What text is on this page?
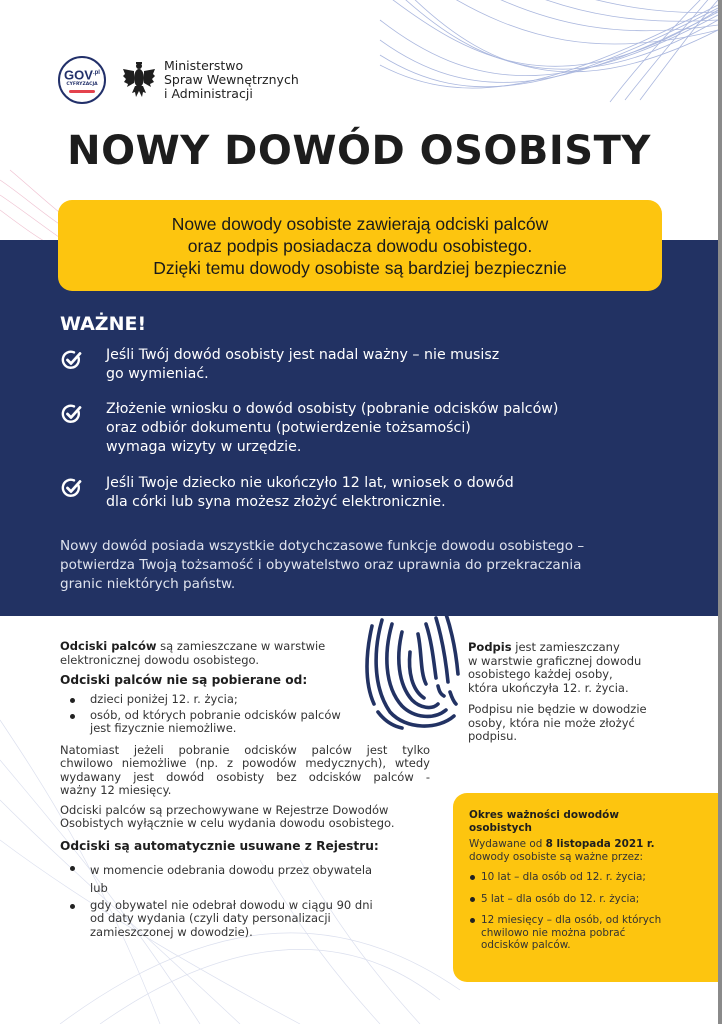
$GOV^{.pl}$
CYFRYZACJA
Ministerstwo
Spraw Wewnętrznych
i Administracji
NOWY DOWÓD OSOBISTY
Nowe dowody osobiste zawierają odciski palców
oraz podpis posiadacza dowodu osobistego.
Dzięki temu dowody osobiste są bardziej bezpiecznie
WAŻNE!
Jeśli Twój dowód osobisty jest nadal ważny – nie musisz
go wymieniać.
Złożenie wniosku o dowód osobisty (pobranie odcisków palców)
oraz odbiór dokumentu (potwierdzenie tożsamości)
wymaga wizyty w urzędzie.
Jeśli Twoje dziecko nie ukończyło 12 lat, wniosek o dowód
dla córki lub syna możesz złożyć elektronicznie.
Nowy dowód posiada wszystkie dotychczasowe funkcje dowodu osobistego –
potwierdza Twoją tożsamość i obywatelstwo oraz uprawnia do przekraczania
granic niektórych państw.
Odciski palców są zamieszczane w warstwie
elektronicznej dowodu osobistego.
Odciski palców nie są pobierane od:
dzieci poniżej 12. r. życia;
osób, od których pobranie odcisków palców
jest fizycznie niemożliwe.
Natomiast jeżeli pobranie odcisków palców jest tylko
chwilowo niemożliwe (np. z powodów medycznych), wtedy
wydawany jest dowód osobisty bez odcisków palców -
ważny 12 miesięcy.
Odciski palców są przechowywane w Rejestrze Dowodów
Osobistych wyłącznie w celu wydania dowodu osobistego.
Odciski są automatycznie usuwane z Rejestru:
w momencie odebrania dowodu przez obywatela
lub
gdy obywatel nie odebrał dowodu w ciągu 90 dni
od daty wydania (czyli daty personalizacji
zamieszczonej w dowodzie).
Podpis jest zamieszczany
w warstwie graficznej dowodu
osobistego każdej osoby,
która ukończyła 12. r. życia.
Podpisu nie będzie w dowodzie
osoby, która nie może złożyć
podpisu.
Okres ważności dowodów
osobistych
Wydawane od 8 listopada 2021 r.
dowody osobiste są ważne przez:
10 lat – dla osób od 12. r. życia;
5 lat – dla osób do 12. r. życia;
12 miesięcy – dla osób, od których
chwilowo nie można pobrać
odcisków palców.
